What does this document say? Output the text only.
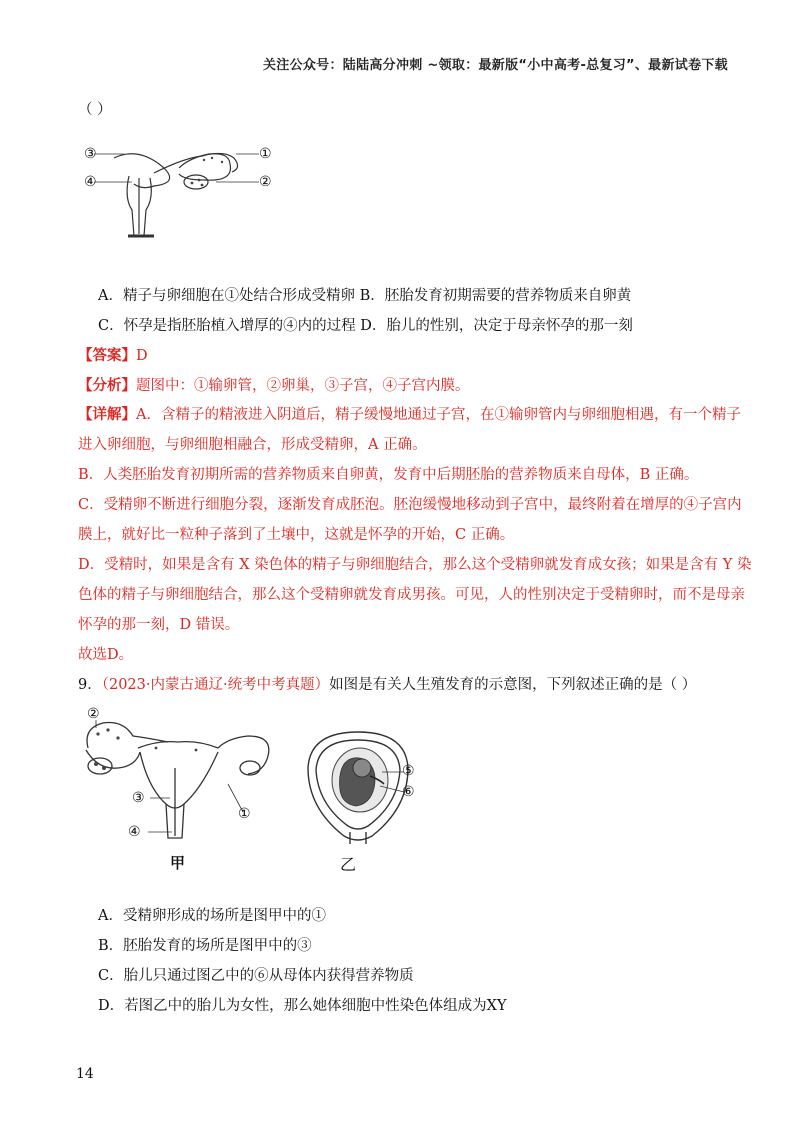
关注公众号：陆陆高分冲刺 ~领取：最新版“小中高考-总复习”、最新试卷下载
（ ）
③	①
④	②
A．精子与卵细胞在①处结合形成受精卵 B．胚胎发育初期需要的营养物质来自卵黄
C．怀孕是指胚胎植入增厚的④内的过程 D．胎儿的性别，决定于母亲怀孕的那一刻
【答案】D
【分析】题图中：①输卵管，②卵巢，③子宫，④子宫内膜。
【详解】A．含精子的精液进入阴道后，精子缓慢地通过子宫，在①输卵管内与卵细胞相遇，有一个精子
进入卵细胞，与卵细胞相融合，形成受精卵，A 正确。
B．人类胚胎发育初期所需的营养物质来自卵黄，发育中后期胚胎的营养物质来自母体，B 正确。
C．受精卵不断进行细胞分裂，逐渐发育成胚泡。胚泡缓慢地移动到子宫中，最终附着在增厚的④子宫内
膜上，就好比一粒种子落到了土壤中，这就是怀孕的开始，C 正确。
D．受精时，如果是含有 X 染色体的精子与卵细胞结合，那么这个受精卵就发育成女孩；如果是含有 Y 染
色体的精子与卵细胞结合，那么这个受精卵就发育成男孩。可见，人的性别决定于受精卵时，而不是母亲
怀孕的那一刻，D 错误。
故选D。
9．（2023·内蒙古通辽·统考中考真题）如图是有关人生殖发育的示意图，下列叙述正确的是（ ）
②
③
①
④
甲
⑤
⑥
乙
A．受精卵形成的场所是图甲中的①
B．胚胎发育的场所是图甲中的③
C．胎儿只通过图乙中的⑥从母体内获得营养物质
D．若图乙中的胎儿为女性，那么她体细胞中性染色体组成为XY
14
